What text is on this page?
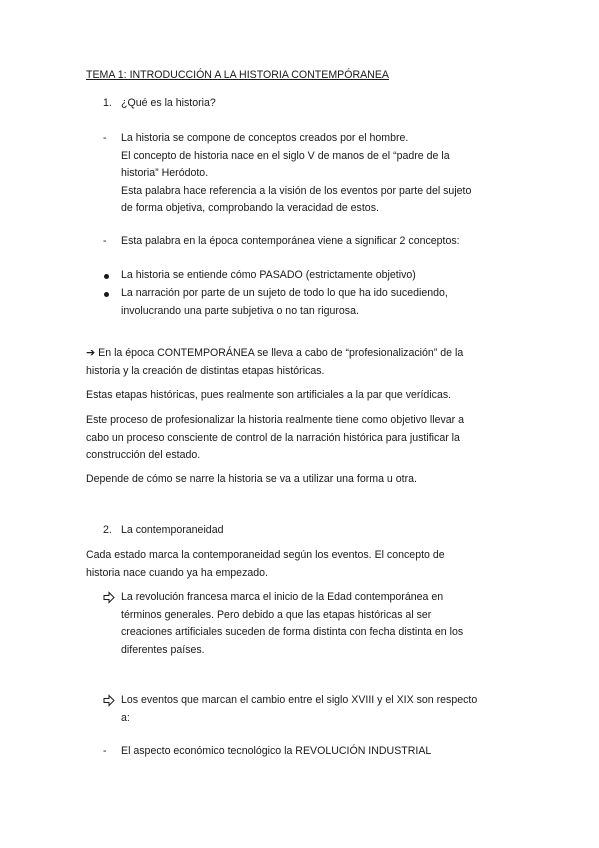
TEMA 1: INTRODUCCIÓN A LA HISTORIA CONTEMPÓRANEA
1. ¿Qué es la historia?
- La historia se compone de conceptos creados por el hombre.
El concepto de historia nace en el siglo V de manos de el “padre de la
historia” Heródoto.
Esta palabra hace referencia a la visión de los eventos por parte del sujeto
de forma objetiva, comprobando la veracidad de estos.
- Esta palabra en la época contemporánea viene a significar 2 conceptos:
La historia se entiende cómo PASADO (estrictamente objetivo)
La narración por parte de un sujeto de todo lo que ha ido sucediendo,
involucrando una parte subjetiva o no tan rigurosa.
➔ En la época CONTEMPORÁNEA se lleva a cabo de “profesionalización” de la
historia y la creación de distintas etapas históricas.
Estas etapas históricas, pues realmente son artificiales a la par que verídicas.
Este proceso de profesionalizar la historia realmente tiene como objetivo llevar a
cabo un proceso consciente de control de la narración histórica para justificar la
construcción del estado.
Depende de cómo se narre la historia se va a utilizar una forma u otra.
2. La contemporaneidad
Cada estado marca la contemporaneidad según los eventos. El concepto de
historia nace cuando ya ha empezado.
La revolución francesa marca el inicio de la Edad contemporánea en
términos generales. Pero debido a que las etapas históricas al ser
creaciones artificiales suceden de forma distinta con fecha distinta en los
diferentes países.
Los eventos que marcan el cambio entre el siglo XVIII y el XIX son respecto
a:
- El aspecto económico tecnológico la REVOLUCIÓN INDUSTRIAL
